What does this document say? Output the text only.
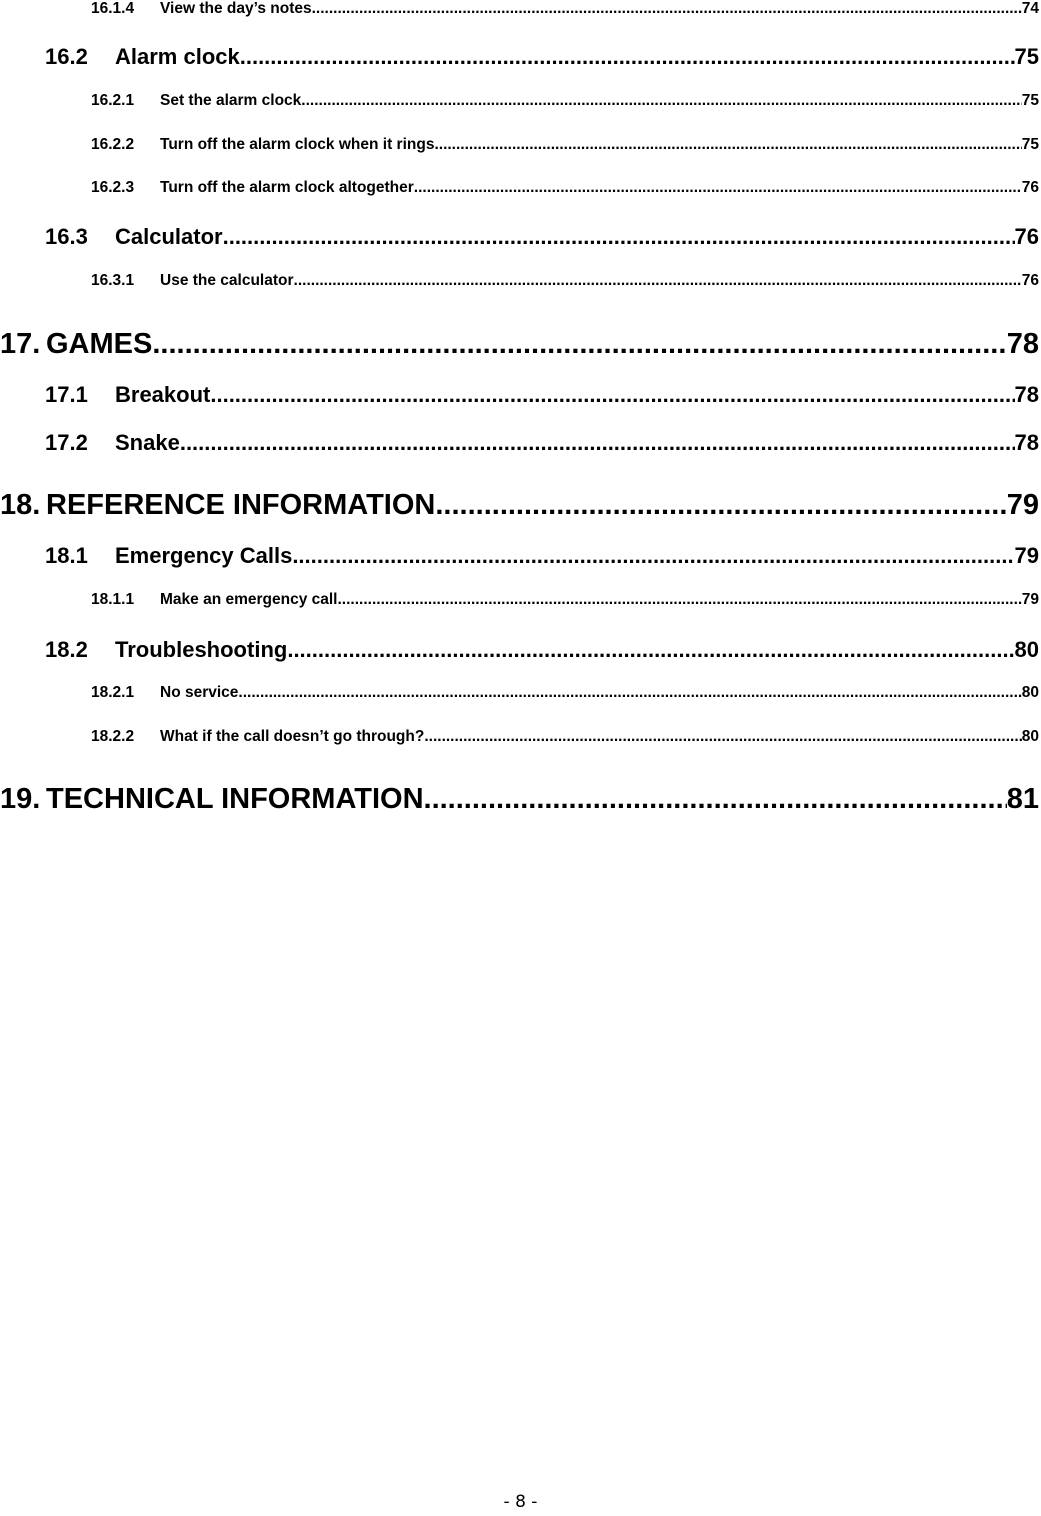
16.1.4	View the day’s notes .....	74
16.2	Alarm clock .....	75
16.2.1	Set the alarm clock .....	75
16.2.2	Turn off the alarm clock when it rings .....	75
16.2.3	Turn off the alarm clock altogether .....	76
16.3	Calculator .....	76
16.3.1	Use the calculator .....	76
17. GAMES .....	78
17.1	Breakout .....	78
17.2	Snake .....	78
18. REFERENCE INFORMATION .....	79
18.1	Emergency Calls .....	79
18.1.1	Make an emergency call .....	79
18.2	Troubleshooting .....	80
18.2.1	No service .....	80
18.2.2	What if the call doesn’t go through? .....	80
19. TECHNICAL INFORMATION .....	81
- 8 -
